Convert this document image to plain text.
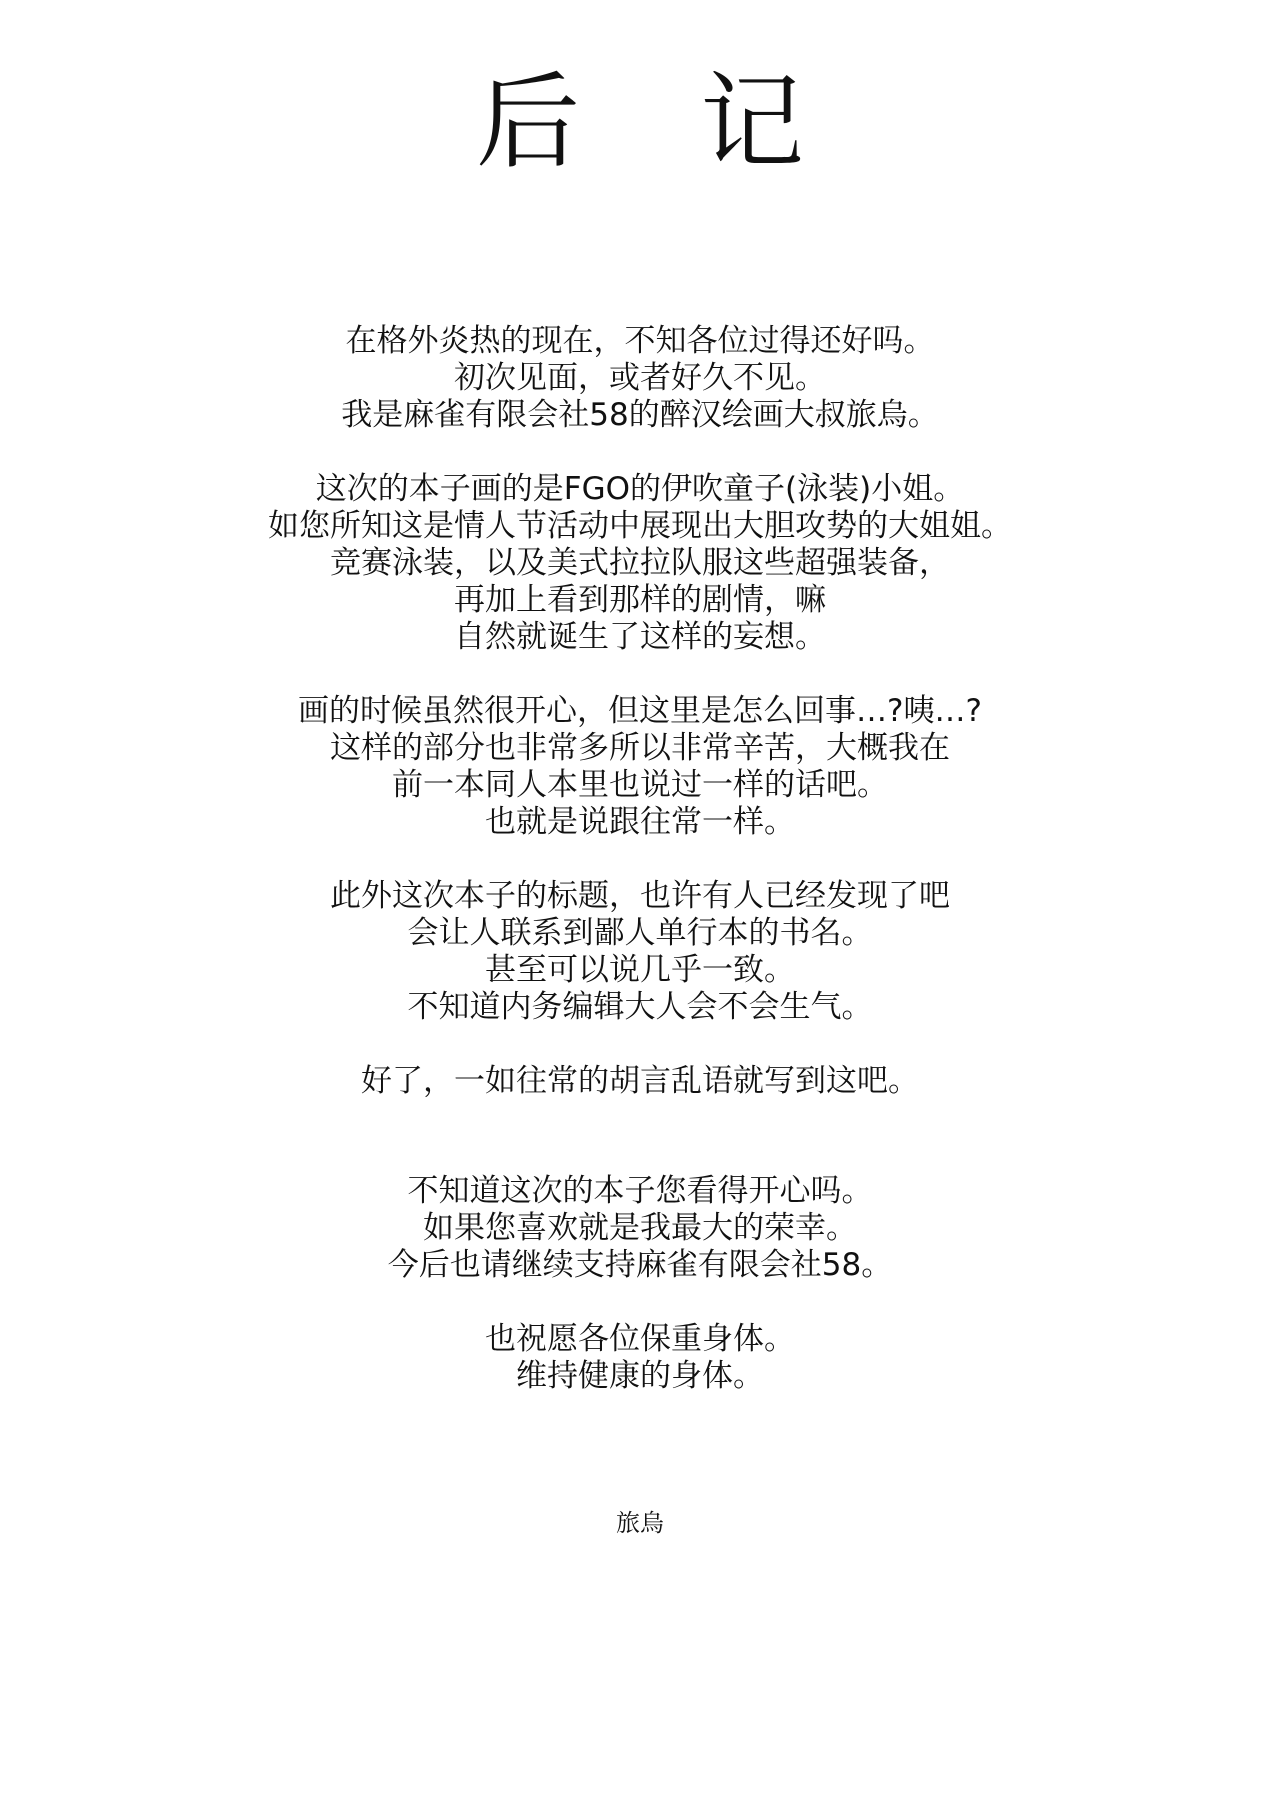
后 记
在格外炎热的现在，不知各位过得还好吗。
初次见面，或者好久不见。
我是麻雀有限会社58的醉汉绘画大叔旅烏。
这次的本子画的是FGO的伊吹童子(泳装)小姐。
如您所知这是情人节活动中展现出大胆攻势的大姐姐。
竞赛泳装，以及美式拉拉队服这些超强装备，
再加上看到那样的剧情，嘛
自然就诞生了这样的妄想。
画的时候虽然很开心，但这里是怎么回事…?咦…?
这样的部分也非常多所以非常辛苦，大概我在
前一本同人本里也说过一样的话吧。
也就是说跟往常一样。
此外这次本子的标题，也许有人已经发现了吧
会让人联系到鄙人单行本的书名。
甚至可以说几乎一致。
不知道内务编辑大人会不会生气。
好了，一如往常的胡言乱语就写到这吧。
不知道这次的本子您看得开心吗。
如果您喜欢就是我最大的荣幸。
今后也请继续支持麻雀有限会社58。
也祝愿各位保重身体。
维持健康的身体。
旅烏
